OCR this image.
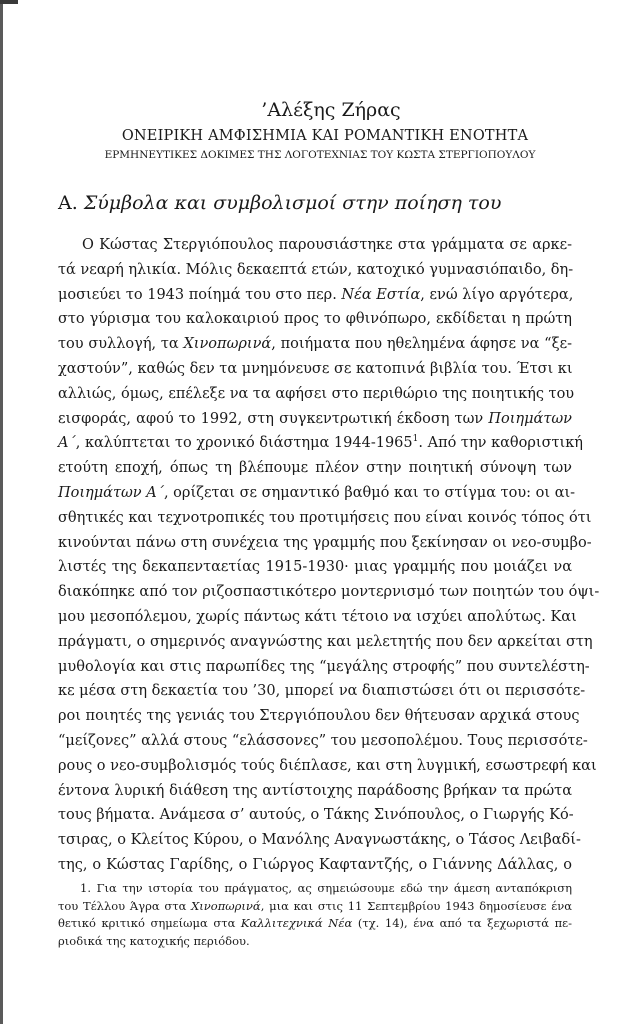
’Αλέξης Ζήρας
ΟΝΕΙΡΙΚΗ ΑΜΦΙΣΗΜΙΑ ΚΑΙ ΡΟΜΑΝΤΙΚΗ ΕΝΟΤΗΤΑ
ΕΡΜΗΝΕΥΤΙΚΕΣ ΔΟΚΙΜΕΣ ΤΗΣ ΛΟΓΟΤΕΧΝΙΑΣ ΤΟΥ ΚΩΣΤΑ ΣΤΕΡΓΙΟΠΟΥΛΟΥ
Α. Σύμβολα και συμβολισμοί στην ποίηση του
Ο Κώστας Στεργιόπουλος παρουσιάστηκε στα γράμματα σε αρκε-
τά νεαρή ηλικία. Μόλις δεκαεπτά ετών, κατοχικό γυμνασιόπαιδο, δη-
μοσιεύει το 1943 ποίημά του στο περ. Νέα Εστία, ενώ λίγο αργότερα,
στο γύρισμα του καλοκαιριού προς το φθινόπωρο, εκδίδεται η πρώτη
του συλλογή, τα Χινοπωρινά, ποιήματα που ηθελημένα άφησε να “ξε-
χαστούν”, καθώς δεν τα μνημόνευσε σε κατοπινά βιβλία του. Έτσι κι
αλλιώς, όμως, επέλεξε να τα αφήσει στο περιθώριο της ποιητικής του
εισφοράς, αφού το 1992, στη συγκεντρωτική έκδοση των Ποιημάτων
Α΄, καλύπτεται το χρονικό διάστημα 1944-1965$^1$. Από την καθοριστική
ετούτη εποχή, όπως τη βλέπουμε πλέον στην ποιητική σύνοψη των
Ποιημάτων Α΄, ορίζεται σε σημαντικό βαθμό και το στίγμα του: οι αι-
σθητικές και τεχνοτροπικές του προτιμήσεις που είναι κοινός τόπος ότι
κινούνται πάνω στη συνέχεια της γραμμής που ξεκίνησαν οι νεο-συμβο-
λιστές της δεκαπενταετίας 1915-1930· μιας γραμμής που μοιάζει να
διακόπηκε από τον ριζοσπαστικότερο μοντερνισμό των ποιητών του όψι-
μου μεσοπόλεμου, χωρίς πάντως κάτι τέτοιο να ισχύει απολύτως. Και
πράγματι, ο σημερινός αναγνώστης και μελετητής που δεν αρκείται στη
μυθολογία και στις παρωπίδες της “μεγάλης στροφής” που συντελέστη-
κε μέσα στη δεκαετία του ’30, μπορεί να διαπιστώσει ότι οι περισσότε-
ροι ποιητές της γενιάς του Στεργιόπουλου δεν θήτευσαν αρχικά στους
“μείζονες” αλλά στους “ελάσσονες” του μεσοπολέμου. Τους περισσότε-
ρους ο νεο-συμβολισμός τούς διέπλασε, και στη λυγμική, εσωστρεφή και
έντονα λυρική διάθεση της αντίστοιχης παράδοσης βρήκαν τα πρώτα
τους βήματα. Ανάμεσα σ’ αυτούς, ο Τάκης Σινόπουλος, ο Γιωργής Κό-
τσιρας, ο Κλείτος Κύρου, ο Μανόλης Αναγνωστάκης, ο Τάσος Λειβαδί-
της, ο Κώστας Γαρίδης, ο Γιώργος Καφταντζής, ο Γιάννης Δάλλας, ο
1. Για την ιστορία του πράγματος, ας σημειώσουμε εδώ την άμεση ανταπόκριση
του Τέλλου Άγρα στα Χινοπωρινά, μια και στις 11 Σεπτεμβρίου 1943 δημοσίευσε ένα
θετικό κριτικό σημείωμα στα Καλλιτεχνικά Νέα (τχ. 14), ένα από τα ξεχωριστά πε-
ριοδικά της κατοχικής περιόδου.
